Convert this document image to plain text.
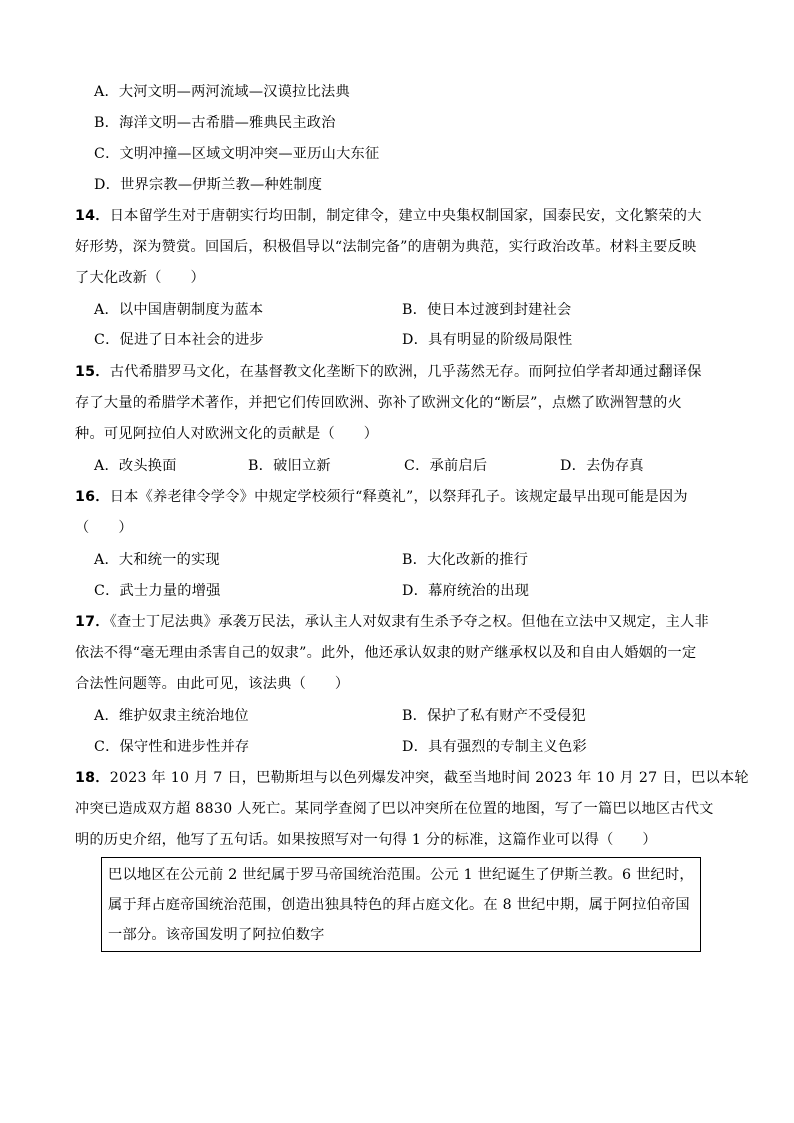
A．大河文明—两河流域—汉谟拉比法典
B．海洋文明—古希腊—雅典民主政治
C．文明冲撞—区域文明冲突—亚历山大东征
D．世界宗教—伊斯兰教—种姓制度
14．日本留学生对于唐朝实行均田制，制定律令，建立中央集权制国家，国泰民安，文化繁荣的大
好形势，深为赞赏。回国后，积极倡导以“法制完备”的唐朝为典范，实行政治改革。材料主要反映
了大化改新（　　）
A．以中国唐朝制度为蓝本	B．使日本过渡到封建社会
C．促进了日本社会的进步	D．具有明显的阶级局限性
15．古代希腊罗马文化，在基督教文化垄断下的欧洲，几乎荡然无存。而阿拉伯学者却通过翻译保
存了大量的希腊学术著作，并把它们传回欧洲、弥补了欧洲文化的“断层”，点燃了欧洲智慧的火
种。可见阿拉伯人对欧洲文化的贡献是（　　）
A．改头换面	B．破旧立新	C．承前启后	D．去伪存真
16．日本《养老律令学令》中规定学校须行“释奠礼”，以祭拜孔子。该规定最早出现可能是因为
（　　）
A．大和统一的实现	B．大化改新的推行
C．武士力量的增强	D．幕府统治的出现
17．《查士丁尼法典》承袭万民法，承认主人对奴隶有生杀予夺之权。但他在立法中又规定，主人非
依法不得“毫无理由杀害自己的奴隶”。此外，他还承认奴隶的财产继承权以及和自由人婚姻的一定
合法性问题等。由此可见，该法典（　　）
A．维护奴隶主统治地位	B．保护了私有财产不受侵犯
C．保守性和进步性并存	D．具有强烈的专制主义色彩
18．2023 年 10 月 7 日，巴勒斯坦与以色列爆发冲突，截至当地时间 2023 年 10 月 27 日，巴以本轮
冲突已造成双方超 8830 人死亡。某同学查阅了巴以冲突所在位置的地图，写了一篇巴以地区古代文
明的历史介绍，他写了五句话。如果按照写对一句得 1 分的标准，这篇作业可以得（　　）
巴以地区在公元前 2 世纪属于罗马帝国统治范围。公元 1 世纪诞生了伊斯兰教。6 世纪时，
属于拜占庭帝国统治范围，创造出独具特色的拜占庭文化。在 8 世纪中期，属于阿拉伯帝国
一部分。该帝国发明了阿拉伯数字
